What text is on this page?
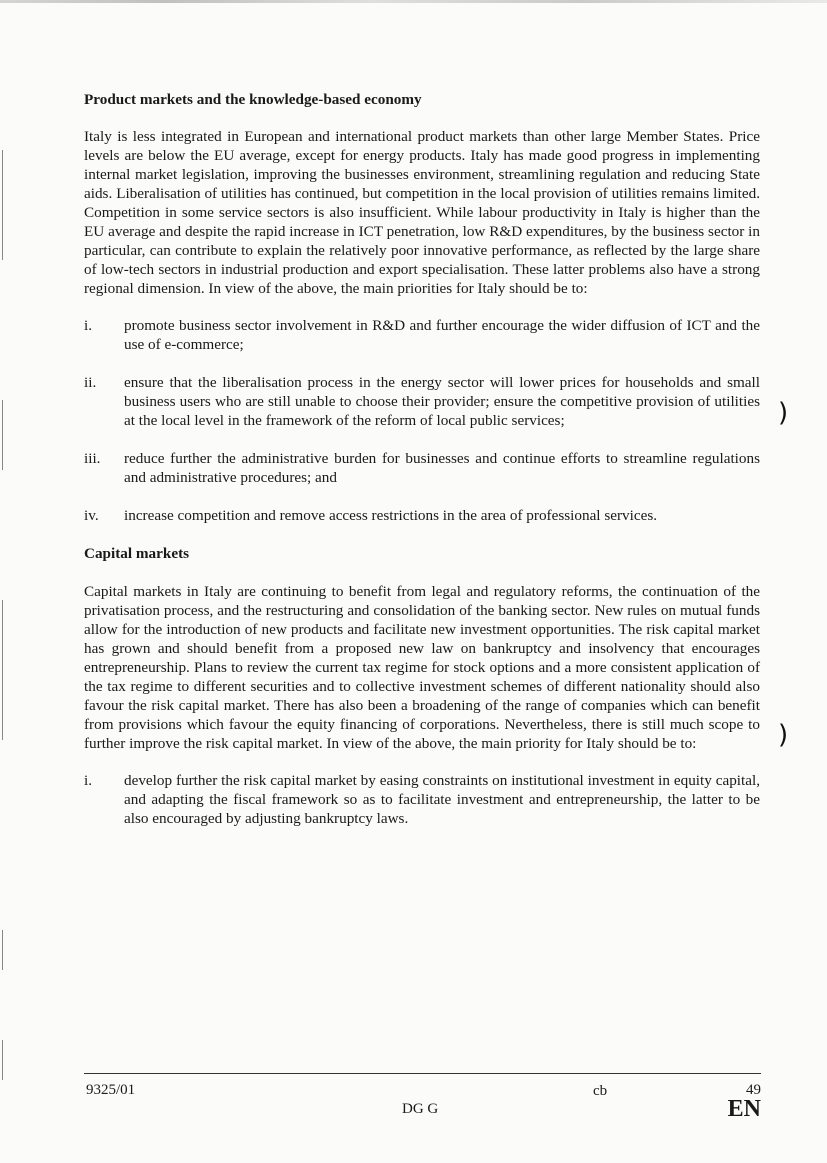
)
)
Product markets and the knowledge-based economy

Italy is less integrated in European and international product markets than other large Member States. Price levels are below the EU average, except for energy products. Italy has made good progress in implementing internal market legislation, improving the businesses environment, streamlining regulation and reducing State aids. Liberalisation of utilities has continued, but competition in the local provision of utilities remains limited. Competition in some service sectors is also insufficient. While labour productivity in Italy is higher than the EU average and despite the rapid increase in ICT penetration, low R&D expenditures, by the business sector in particular, can contribute to explain the relatively poor innovative performance, as reflected by the large share of low-tech sectors in industrial production and export specialisation. These latter problems also have a strong regional dimension. In view of the above, the main priorities for Italy should be to:

i.	promote business sector involvement in R&D and further encourage the wider diffusion of ICT and the use of e-commerce;
ii.	ensure that the liberalisation process in the energy sector will lower prices for households and small business users who are still unable to choose their provider; ensure the competitive provision of utilities at the local level in the framework of the reform of local public services;
iii.	reduce further the administrative burden for businesses and continue efforts to streamline regulations and administrative procedures; and
iv.	increase competition and remove access restrictions in the area of professional services.
Capital markets

Capital markets in Italy are continuing to benefit from legal and regulatory reforms, the continuation of the privatisation process, and the restructuring and consolidation of the banking sector. New rules on mutual funds allow for the introduction of new products and facilitate new investment opportunities. The risk capital market has grown and should benefit from a proposed new law on bankruptcy and insolvency that encourages entrepreneurship. Plans to review the current tax regime for stock options and a more consistent application of the tax regime to different securities and to collective investment schemes of different nationality should also favour the risk capital market. There has also been a broadening of the range of companies which can benefit from provisions which favour the equity financing of corporations. Nevertheless, there is still much scope to further improve the risk capital market. In view of the above, the main priority for Italy should be to:

i.	develop further the risk capital market by easing constraints on institutional investment in equity capital, and adapting the fiscal framework so as to facilitate investment and entrepreneurship, the latter to be also encouraged by adjusting bankruptcy laws.
9325/01	cb	49
DG G	EN
